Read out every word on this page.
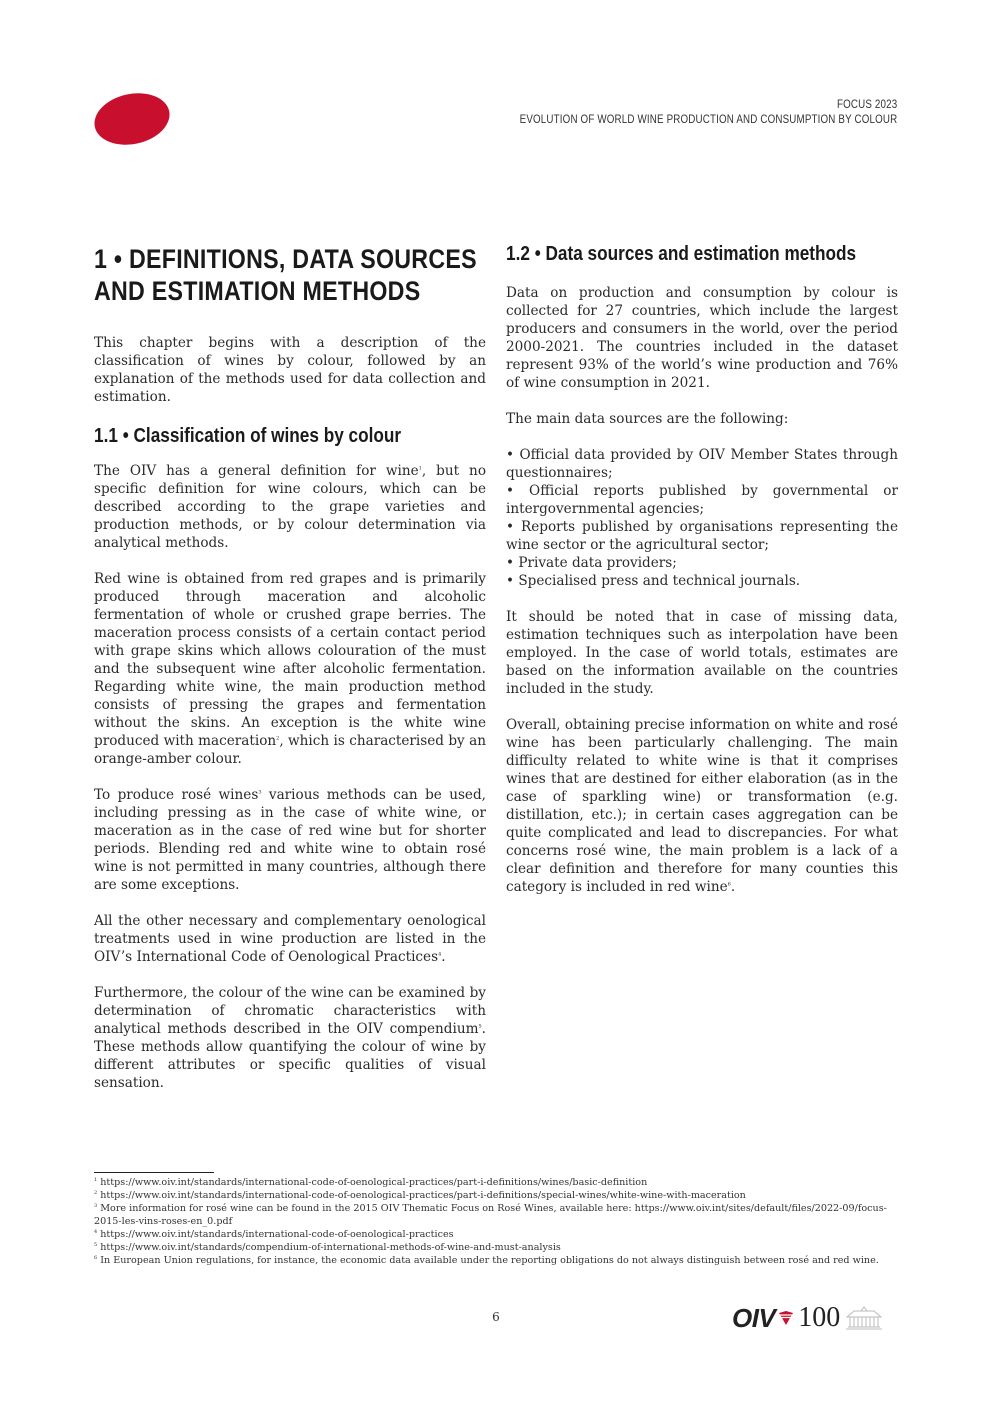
FOCUS 2023
EVOLUTION OF WORLD WINE PRODUCTION AND CONSUMPTION BY COLOUR
1 • DEFINITIONS, DATA SOURCES
AND ESTIMATION METHODS

This chapter begins with a description of the classification of wines by colour, followed by an explanation of the methods used for data collection and estimation.

1.1 • Classification of wines by colour

The OIV has a general definition for wine$^1$, but no specific definition for wine colours, which can be described according to the grape varieties and production methods, or by colour determination via analytical methods.

Red wine is obtained from red grapes and is primarily produced through maceration and alcoholic fermentation of whole or crushed grape berries. The maceration process consists of a certain contact period with grape skins which allows colouration of the must and the subsequent wine after alcoholic fermentation. Regarding white wine, the main production method consists of pressing the grapes and fermentation without the skins. An exception is the white wine produced with maceration$^2$, which is characterised by an orange-amber colour.

To produce rosé wines$^3$ various methods can be used, including pressing as in the case of white wine, or maceration as in the case of red wine but for shorter periods. Blending red and white wine to obtain rosé wine is not permitted in many countries, although there are some exceptions.

All the other necessary and complementary oenological treatments used in wine production are listed in the OIV’s International Code of Oenological Practices$^4$.

Furthermore, the colour of the wine can be examined by determination of chromatic characteristics with analytical methods described in the OIV compendium$^5$. These methods allow quantifying the colour of wine by different attributes or specific qualities of visual sensation.

1.2 • Data sources and estimation methods

Data on production and consumption by colour is collected for 27 countries, which include the largest producers and consumers in the world, over the period 2000-2021. The countries included in the dataset represent 93% of the world’s wine production and 76% of wine consumption in 2021.

The main data sources are the following:

• Official data provided by OIV Member States through questionnaires;

• Official reports published by governmental or intergovernmental agencies;

• Reports published by organisations representing the wine sector or the agricultural sector;

• Private data providers;

• Specialised press and technical journals.

It should be noted that in case of missing data, estimation techniques such as interpolation have been employed. In the case of world totals, estimates are based on the information available on the countries included in the study.

Overall, obtaining precise information on white and rosé wine has been particularly challenging. The main difficulty related to white wine is that it comprises wines that are destined for either elaboration (as in the case of sparkling wine) or transformation (e.g. distillation, etc.); in certain cases aggregation can be quite complicated and lead to discrepancies. For what concerns rosé wine, the main problem is a lack of a clear definition and therefore for many counties this category is included in red wine$^6$.

$^1$ https://www.oiv.int/standards/international-code-of-oenological-practices/part-i-definitions/wines/basic-definition
$^2$ https://www.oiv.int/standards/international-code-of-oenological-practices/part-i-definitions/special-wines/white-wine-with-maceration
$^3$ More information for rosé wine can be found in the 2015 OIV Thematic Focus on Rosé Wines, available here: https://www.oiv.int/sites/default/files/2022-09/focus-2015-les-vins-roses-en_0.pdf
$^4$ https://www.oiv.int/standards/international-code-of-oenological-practices
$^5$ https://www.oiv.int/standards/compendium-of-international-methods-of-wine-and-must-analysis
$^6$ In European Union regulations, for instance, the economic data available under the reporting obligations do not always distinguish between rosé and red wine.
6	OIV 100
